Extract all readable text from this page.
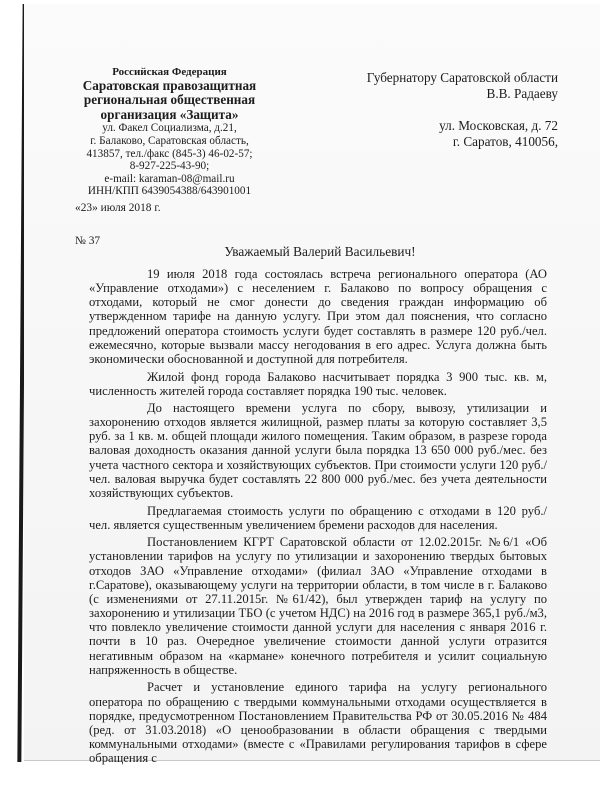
Российская Федерация
Саратовская правозащитная
региональная общественная
организация «Защита»
ул. Факел Социализма, д.21,
г. Балаково, Саратовская область,
413857, тел./факс (845-3) 46-02-57;
8-927-225-43-90;
e-mail: karaman-08@mail.ru
ИНН/КПП 6439054388/643901001
Губернатору Саратовской области
В.В. Радаеву
ул. Московская, д. 72
г. Саратов, 410056,
«23» июля 2018 г.
№ 37
Уважаемый Валерий Васильевич!

19 июля 2018 года состоялась встреча регионального оператора (АО «Управление отходами») с неселением г. Балаково по вопросу обращения с отходами, который не смог донести до сведения граждан информацию об утвержденном тарифе на данную услугу. При этом дал пояснения, что согласно предложений оператора стоимость услуги будет составлять в размере 120 руб./чел. ежемесячно, которые вызвали массу негодования в его адрес. Услуга должна быть экономически обоснованной и доступной для потребителя.

Жилой фонд города Балаково насчитывает порядка 3 900 тыс. кв. м, численность жителей города составляет порядка 190 тыс. человек.

До настоящего времени услуга по сбору, вывозу, утилизации и захоронению отходов является жилищной, размер платы за которую составляет 3,5 руб. за 1 кв. м. общей площади жилого помещения. Таким образом, в разрезе города валовая доходность оказания данной услуги была порядка 13 650 000 руб./мес. без учета частного сектора и хозяйствующих субъектов. При стоимости услуги 120 руб./чел. валовая выручка будет составлять 22 800 000 руб./мес. без учета деятельности хозяйствующих субъектов.

Предлагаемая стоимость услуги по обращению с отходами в 120 руб./ чел. является существенным увеличением бремени расходов для населения.

Постановлением КГРТ Саратовской области от 12.02.2015г. №6/1 «Об установлении тарифов на услугу по утилизации и захоронению твердых бытовых отходов ЗАО «Управление отходами» (филиал ЗАО «Управление отходами в г.Саратове), оказывающему услуги на территории области, в том числе в г. Балаково (с изменениями от 27.11.2015г. №61/42), был утвержден тариф на услугу по захоронению и утилизации ТБО (с учетом НДС) на 2016 год в размере 365,1 руб./м3, что повлекло увеличение стоимости данной услуги для населения с января 2016 г. почти в 10 раз. Очередное увеличение стоимости данной услуги отразится негативным образом на «кармане» конечного потребителя и усилит социальную напряженность в обществе.

Расчет и установление единого тарифа на услугу регионального оператора по обращению с твердыми коммунальными отходами осуществляется в порядке, предусмотренном Постановлением Правительства РФ от 30.05.2016 № 484 (ред. от 31.03.2018) «О ценообразовании в области обращения с твердыми коммунальными отходами» (вместе с «Правилами регулирования тарифов в сфере обращения с
